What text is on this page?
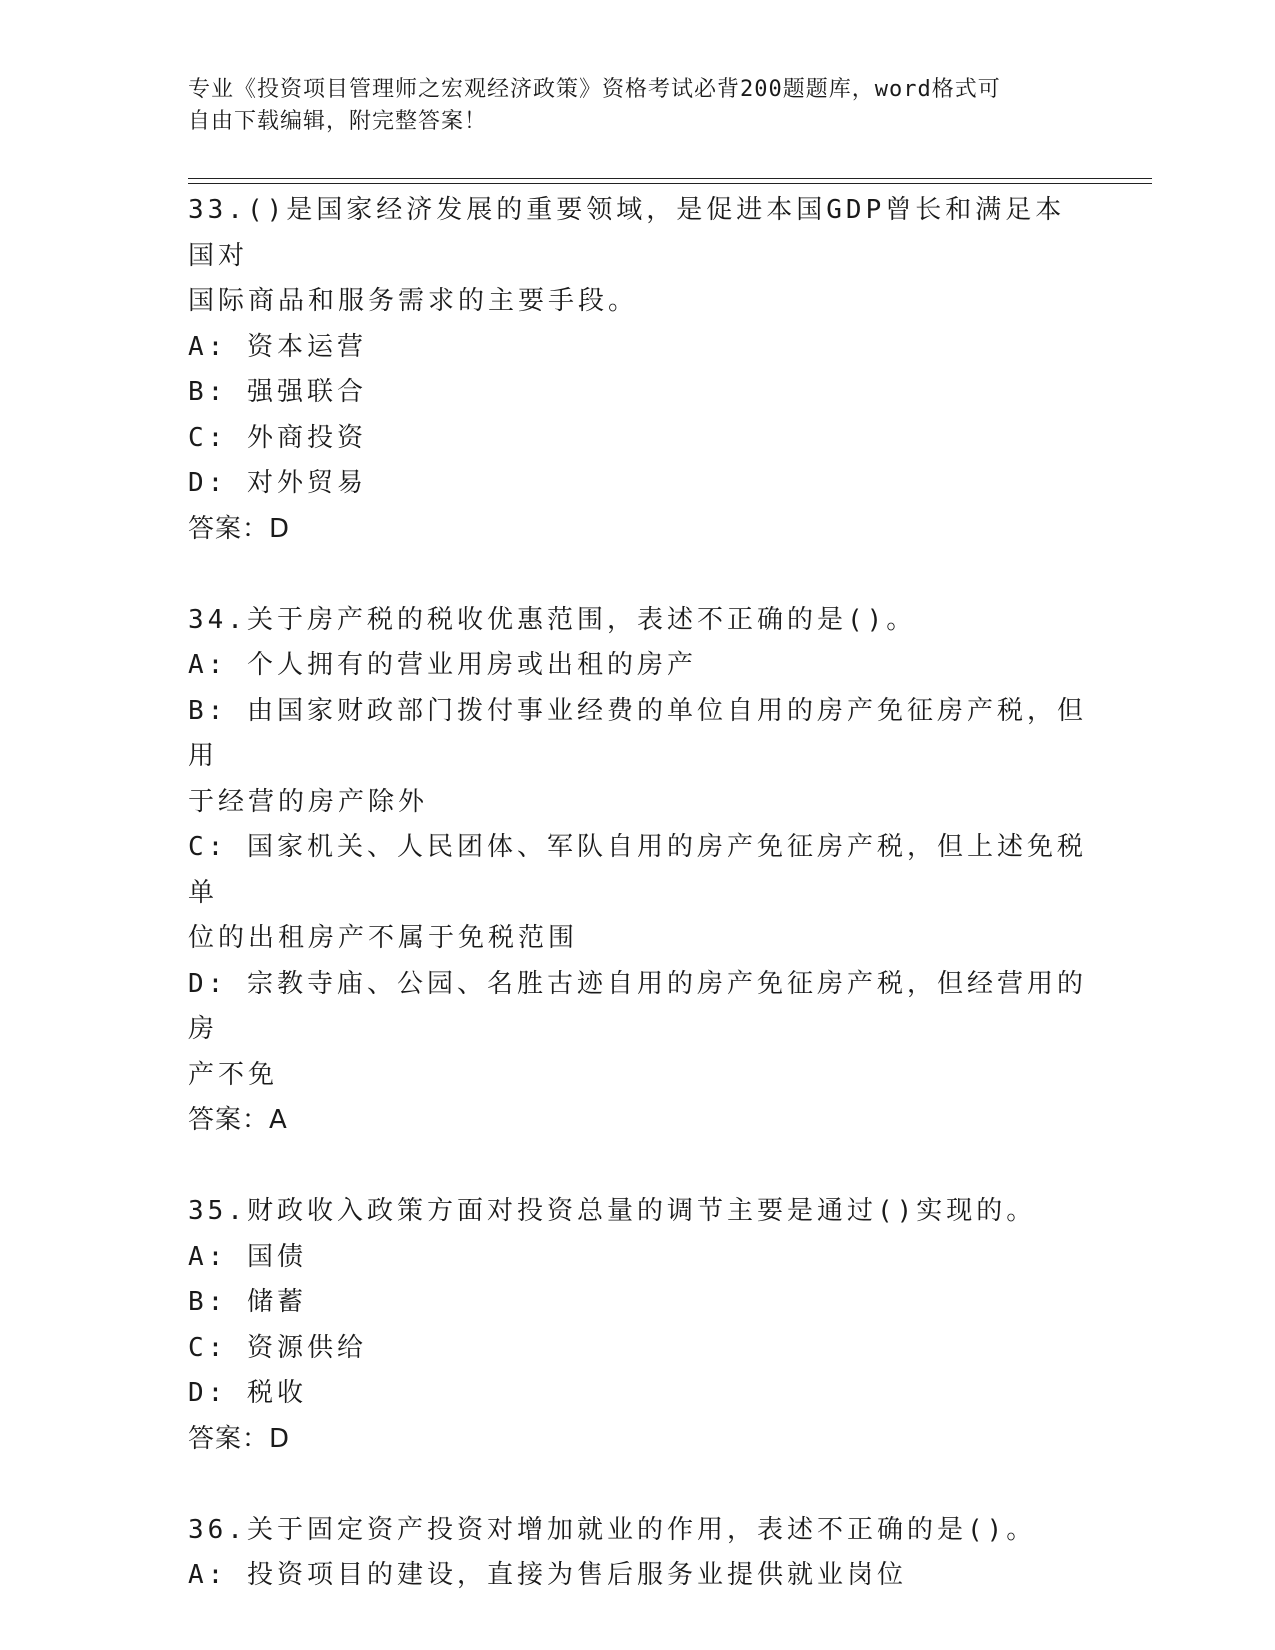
专业《投资项目管理师之宏观经济政策》资格考试必背200题题库，word格式可
自由下载编辑，附完整答案！
33.()是国家经济发展的重要领域，是促进本国GDP曾长和满足本国对
国际商品和服务需求的主要手段。
A: 资本运营
B: 强强联合
C: 外商投资
D: 对外贸易
答案：D
34.关于房产税的税收优惠范围，表述不正确的是()。
A: 个人拥有的营业用房或出租的房产
B: 由国家财政部门拨付事业经费的单位自用的房产免征房产税，但用
于经营的房产除外
C: 国家机关、人民团体、军队自用的房产免征房产税，但上述免税单
位的出租房产不属于免税范围
D: 宗教寺庙、公园、名胜古迹自用的房产免征房产税，但经营用的房
产不免
答案：A
35.财政收入政策方面对投资总量的调节主要是通过()实现的。
A: 国债
B: 储蓄
C: 资源供给
D: 税收
答案：D
36.关于固定资产投资对增加就业的作用，表述不正确的是()。
A: 投资项目的建设，直接为售后服务业提供就业岗位
